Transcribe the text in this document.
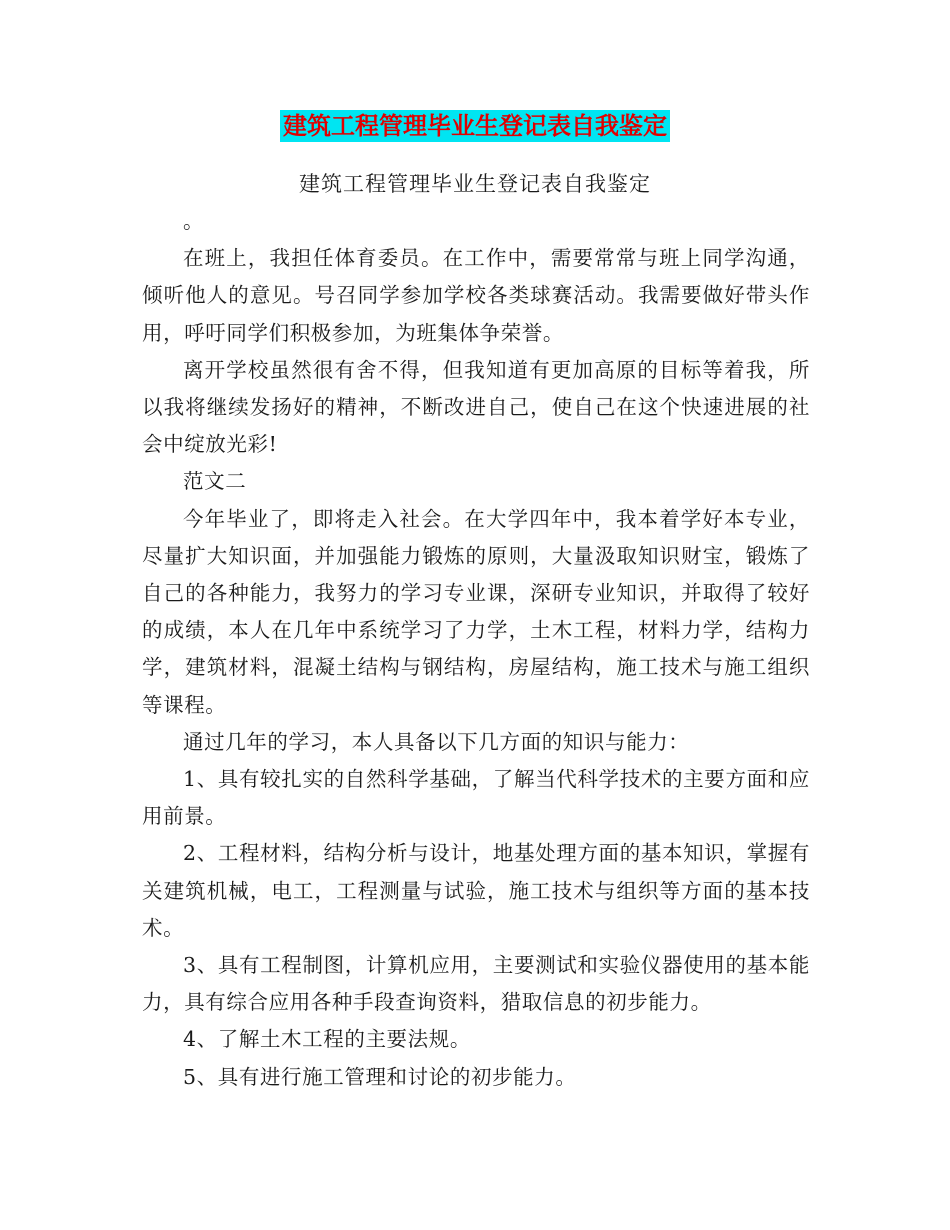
建筑工程管理毕业生登记表自我鉴定
建筑工程管理毕业生登记表自我鉴定

。

在班上，我担任体育委员。在工作中，需要常常与班上同学沟通，倾听他人的意见。号召同学参加学校各类球赛活动。我需要做好带头作用，呼吁同学们积极参加，为班集体争荣誉。

离开学校虽然很有舍不得，但我知道有更加高原的目标等着我，所以我将继续发扬好的精神，不断改进自己，使自己在这个快速进展的社会中绽放光彩!

范文二

今年毕业了，即将走入社会。在大学四年中，我本着学好本专业，尽量扩大知识面，并加强能力锻炼的原则，大量汲取知识财宝，锻炼了自己的各种能力，我努力的学习专业课，深研专业知识，并取得了较好的成绩，本人在几年中系统学习了力学，土木工程，材料力学，结构力学，建筑材料，混凝土结构与钢结构，房屋结构，施工技术与施工组织等课程。

通过几年的学习，本人具备以下几方面的知识与能力：

1、具有较扎实的自然科学基础，了解当代科学技术的主要方面和应用前景。

2、工程材料，结构分析与设计，地基处理方面的基本知识，掌握有关建筑机械，电工，工程测量与试验，施工技术与组织等方面的基本技术。

3、具有工程制图，计算机应用，主要测试和实验仪器使用的基本能力，具有综合应用各种手段查询资料，猎取信息的初步能力。

4、了解土木工程的主要法规。

5、具有进行施工管理和讨论的初步能力。
